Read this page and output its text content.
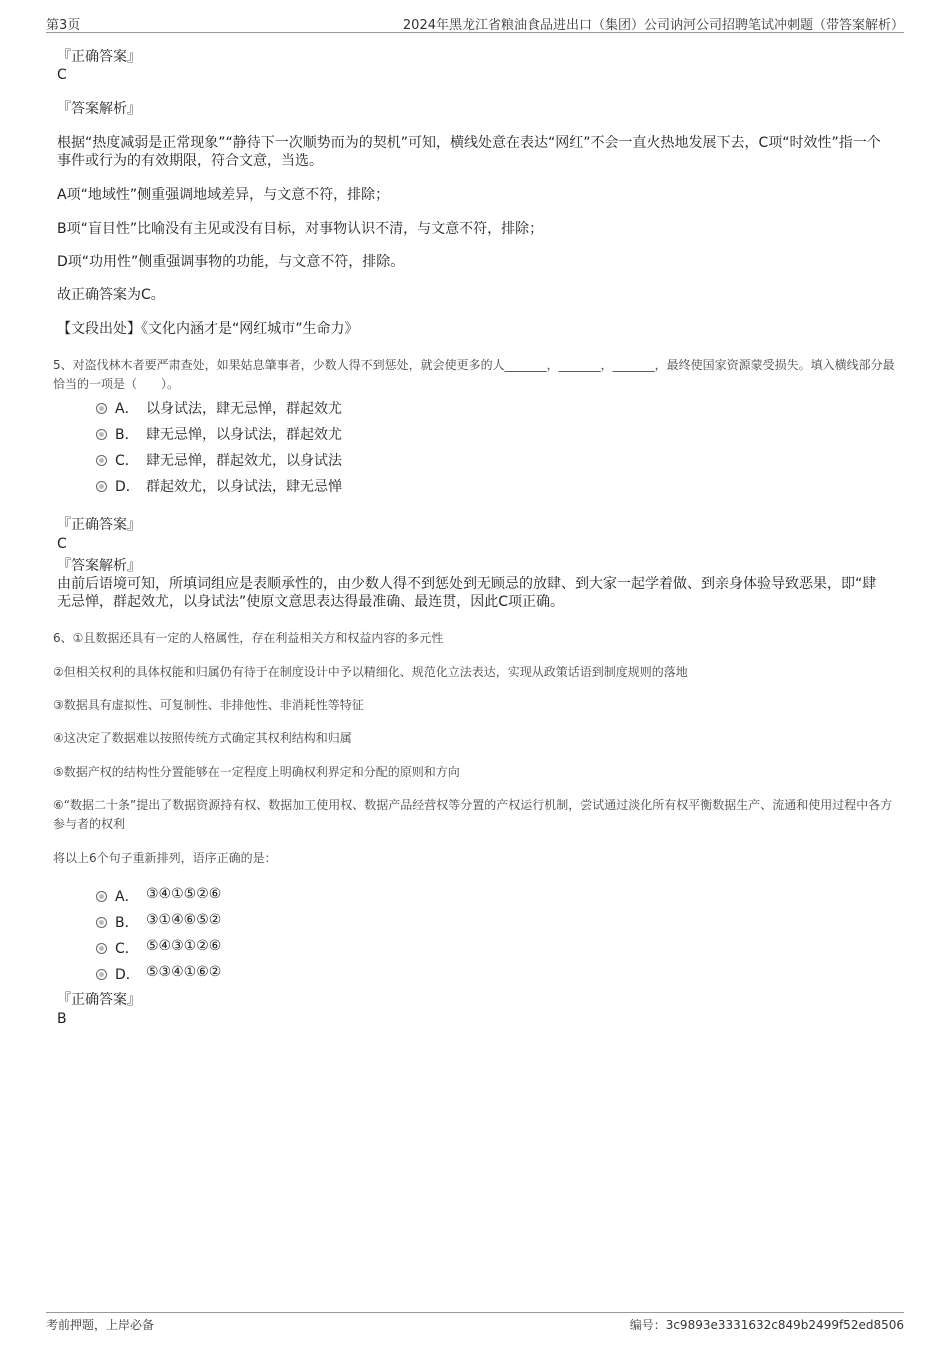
第3页	2024年黑龙江省粮油食品进出口（集团）公司讷河公司招聘笔试冲刺题（带答案解析）
『正确答案』
C
『答案解析』
根据“热度减弱是正常现象”“静待下一次顺势而为的契机”可知，横线处意在表达“网红”不会一直火热地发展下去，C项“时效性”指一个事件或行为的有效期限，符合文意，当选。
A项“地域性”侧重强调地域差异，与文意不符，排除；
B项“盲目性”比喻没有主见或没有目标，对事物认识不清，与文意不符，排除；
D项“功用性”侧重强调事物的功能，与文意不符，排除。
故正确答案为C。
【文段出处】《文化内涵才是“网红城市”生命力》
5、对盗伐林木者要严肃查处，如果姑息肇事者，少数人得不到惩处，就会使更多的人_______，_______，_______，最终使国家资源蒙受损失。填入横线部分最恰当的一项是（　　）。
A． 以身试法，肆无忌惮，群起效尤
B． 肆无忌惮，以身试法，群起效尤
C． 肆无忌惮，群起效尤，以身试法
D． 群起效尤，以身试法，肆无忌惮
『正确答案』
C
『答案解析』
由前后语境可知，所填词组应是表顺承性的，由少数人得不到惩处到无顾忌的放肆、到大家一起学着做、到亲身体验导致恶果，即“肆无忌惮，群起效尤，以身试法”使原文意思表达得最准确、最连贯，因此C项正确。
6、①且数据还具有一定的人格属性，存在利益相关方和权益内容的多元性
②但相关权利的具体权能和归属仍有待于在制度设计中予以精细化、规范化立法表达，实现从政策话语到制度规则的落地
③数据具有虚拟性、可复制性、非排他性、非消耗性等特征
④这决定了数据难以按照传统方式确定其权利结构和归属
⑤数据产权的结构性分置能够在一定程度上明确权利界定和分配的原则和方向
⑥“数据二十条”提出了数据资源持有权、数据加工使用权、数据产品经营权等分置的产权运行机制，尝试通过淡化所有权平衡数据生产、流通和使用过程中各方参与者的权利
将以上6个句子重新排列，语序正确的是：
A． ③④①⑤②⑥
B． ③①④⑥⑤②
C． ⑤④③①②⑥
D． ⑤③④①⑥②
『正确答案』
B
考前押题，上岸必备	编号：3c9893e3331632c849b2499f52ed8506
